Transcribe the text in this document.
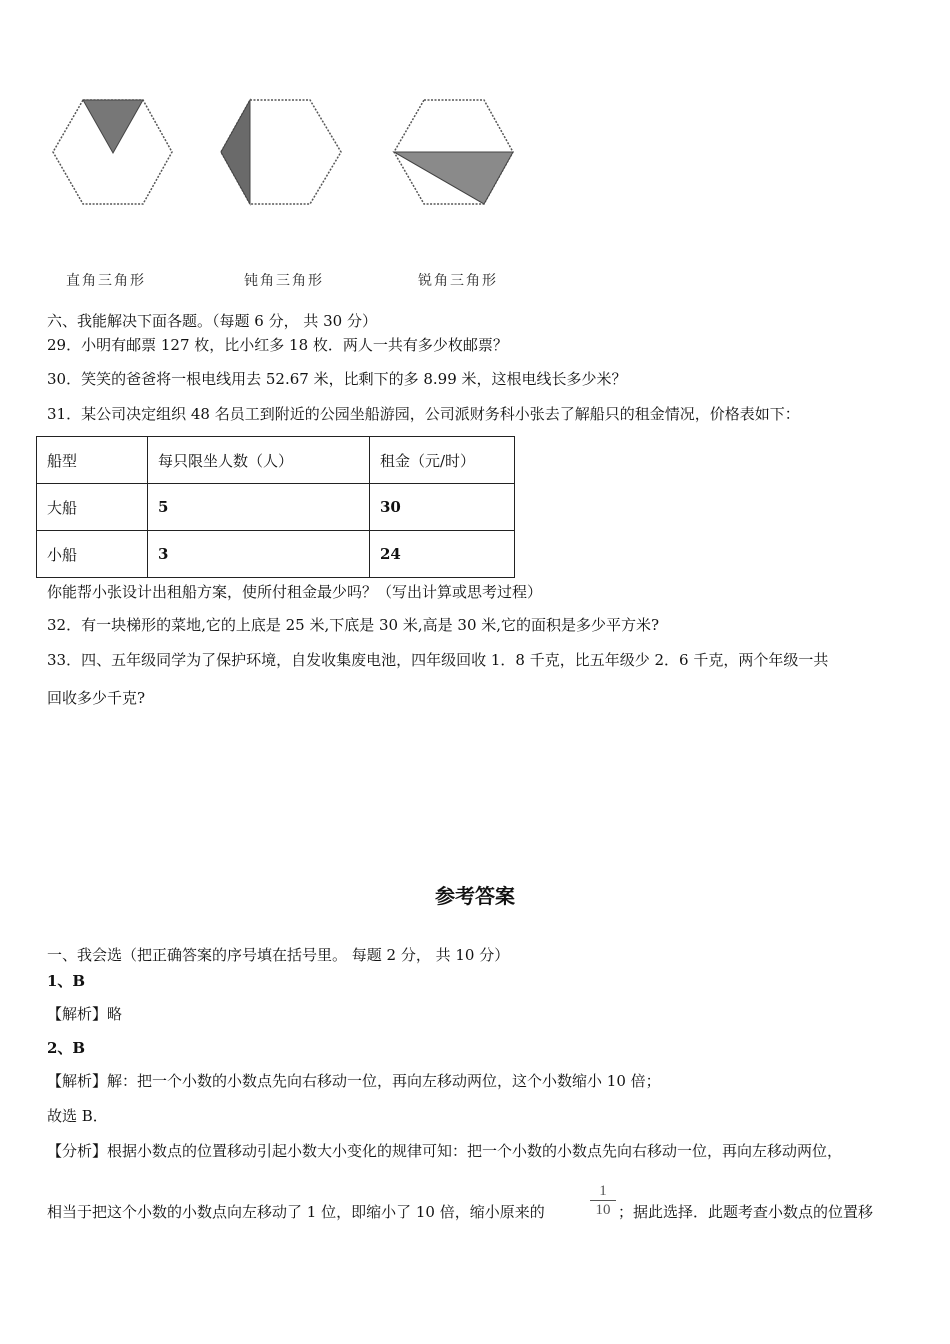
直角三角形	钝角三角形	锐角三角形
六、我能解决下面各题。（每题 6 分， 共 30 分）
29．小明有邮票 127 枚，比小红多 18 枚．两人一共有多少枚邮票？
30．笑笑的爸爸将一根电线用去 52.67 米，比剩下的多 8.99 米，这根电线长多少米？
31．某公司决定组织 48 名员工到附近的公园坐船游园，公司派财务科小张去了解船只的租金情况，价格表如下：
船型	每只限坐人数（人）	租金（元/时）
大船	5	30
小船	3	24
你能帮小张设计出租船方案，使所付租金最少吗？（写出计算或思考过程）
32．有一块梯形的菜地,它的上底是 25 米,下底是 30 米,高是 30 米,它的面积是多少平方米?
33．四、五年级同学为了保护环境，自发收集废电池，四年级回收 1．8 千克，比五年级少 2．6 千克，两个年级一共
回收多少千克?
参考答案
一、我会选（把正确答案的序号填在括号里。 每题 2 分， 共 10 分）
1、B
【解析】略
2、B
【解析】解：把一个小数的小数点先向右移动一位，再向左移动两位，这个小数缩小 10 倍；
故选 B．
【分析】根据小数点的位置移动引起小数大小变化的规律可知：把一个小数的小数点先向右移动一位，再向左移动两位，
相当于把这个小数的小数点向左移动了 1 位，即缩小了 10 倍，缩小原来的
1
10 ；据此选择．此题考查小数点的位置移
